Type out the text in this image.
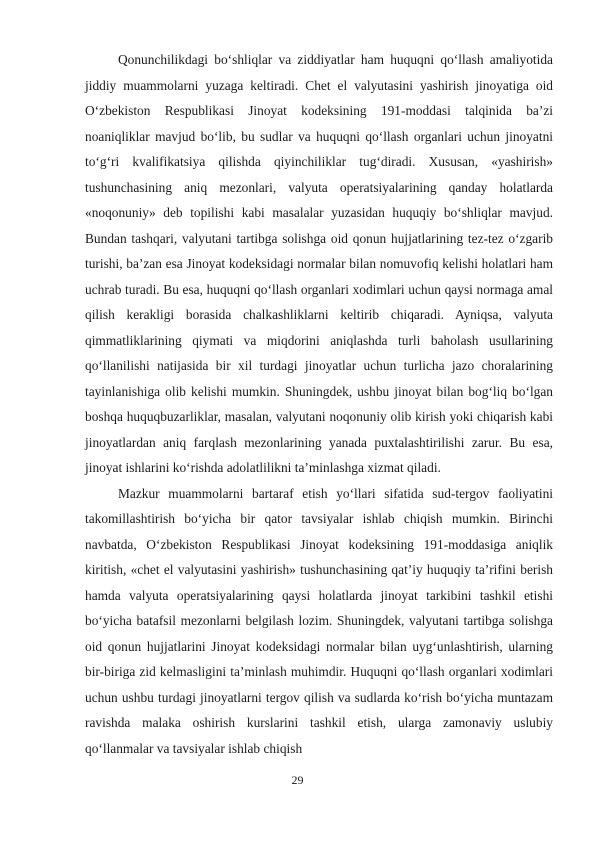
Qonunchilikdagi bo‘shliqlar va ziddiyatlar ham huquqni qo‘llash amaliyotida jiddiy muammolarni yuzaga keltiradi. Chet el valyutasini yashirish jinoyatiga oid O‘zbekiston Respublikasi Jinoyat kodeksining 191-moddasi talqinida ba’zi noaniqliklar mavjud bo‘lib, bu sudlar va huquqni qo‘llash organlari uchun jinoyatni to‘g‘ri kvalifikatsiya qilishda qiyinchiliklar tug‘diradi. Xususan, «yashirish» tushunchasining aniq mezonlari, valyuta operatsiyalarining qanday holatlarda «noqonuniy» deb topilishi kabi masalalar yuzasidan huquqiy bo‘shliqlar mavjud. Bundan tashqari, valyutani tartibga solishga oid qonun hujjatlarining tez-tez o‘zgarib turishi, ba’zan esa Jinoyat kodeksidagi normalar bilan nomuvofiq kelishi holatlari ham uchrab turadi. Bu esa, huquqni qo‘llash organlari xodimlari uchun qaysi normaga amal qilish kerakligi borasida chalkashliklarni keltirib chiqaradi. Ayniqsa, valyuta qimmatliklarining qiymati va miqdorini aniqlashda turli baholash usullarining qo‘llanilishi natijasida bir xil turdagi jinoyatlar uchun turlicha jazo choralarining tayinlanishiga olib kelishi mumkin. Shuningdek, ushbu jinoyat bilan bog‘liq bo‘lgan boshqa huquqbuzarliklar, masalan, valyutani noqonuniy olib kirish yoki chiqarish kabi jinoyatlardan aniq farqlash mezonlarining yanada puxtalashtirilishi zarur. Bu esa, jinoyat ishlarini ko‘rishda adolatlilikni ta’minlashga xizmat qiladi.

Mazkur muammolarni bartaraf etish yo‘llari sifatida sud-tergov faoliyatini takomillashtirish bo‘yicha bir qator tavsiyalar ishlab chiqish mumkin. Birinchi navbatda, O‘zbekiston Respublikasi Jinoyat kodeksining 191-moddasiga aniqlik kiritish, «chet el valyutasini yashirish» tushunchasining qat’iy huquqiy ta’rifini berish hamda valyuta operatsiyalarining qaysi holatlarda jinoyat tarkibini tashkil etishi bo‘yicha batafsil mezonlarni belgilash lozim. Shuningdek, valyutani tartibga solishga oid qonun hujjatlarini Jinoyat kodeksidagi normalar bilan uyg‘unlashtirish, ularning bir-biriga zid kelmasligini ta’minlash muhimdir. Huquqni qo‘llash organlari xodimlari uchun ushbu turdagi jinoyatlarni tergov qilish va sudlarda ko‘rish bo‘yicha muntazam ravishda malaka oshirish kurslarini tashkil etish, ularga zamonaviy uslubiy qo‘llanmalar va tavsiyalar ishlab chiqish

29
